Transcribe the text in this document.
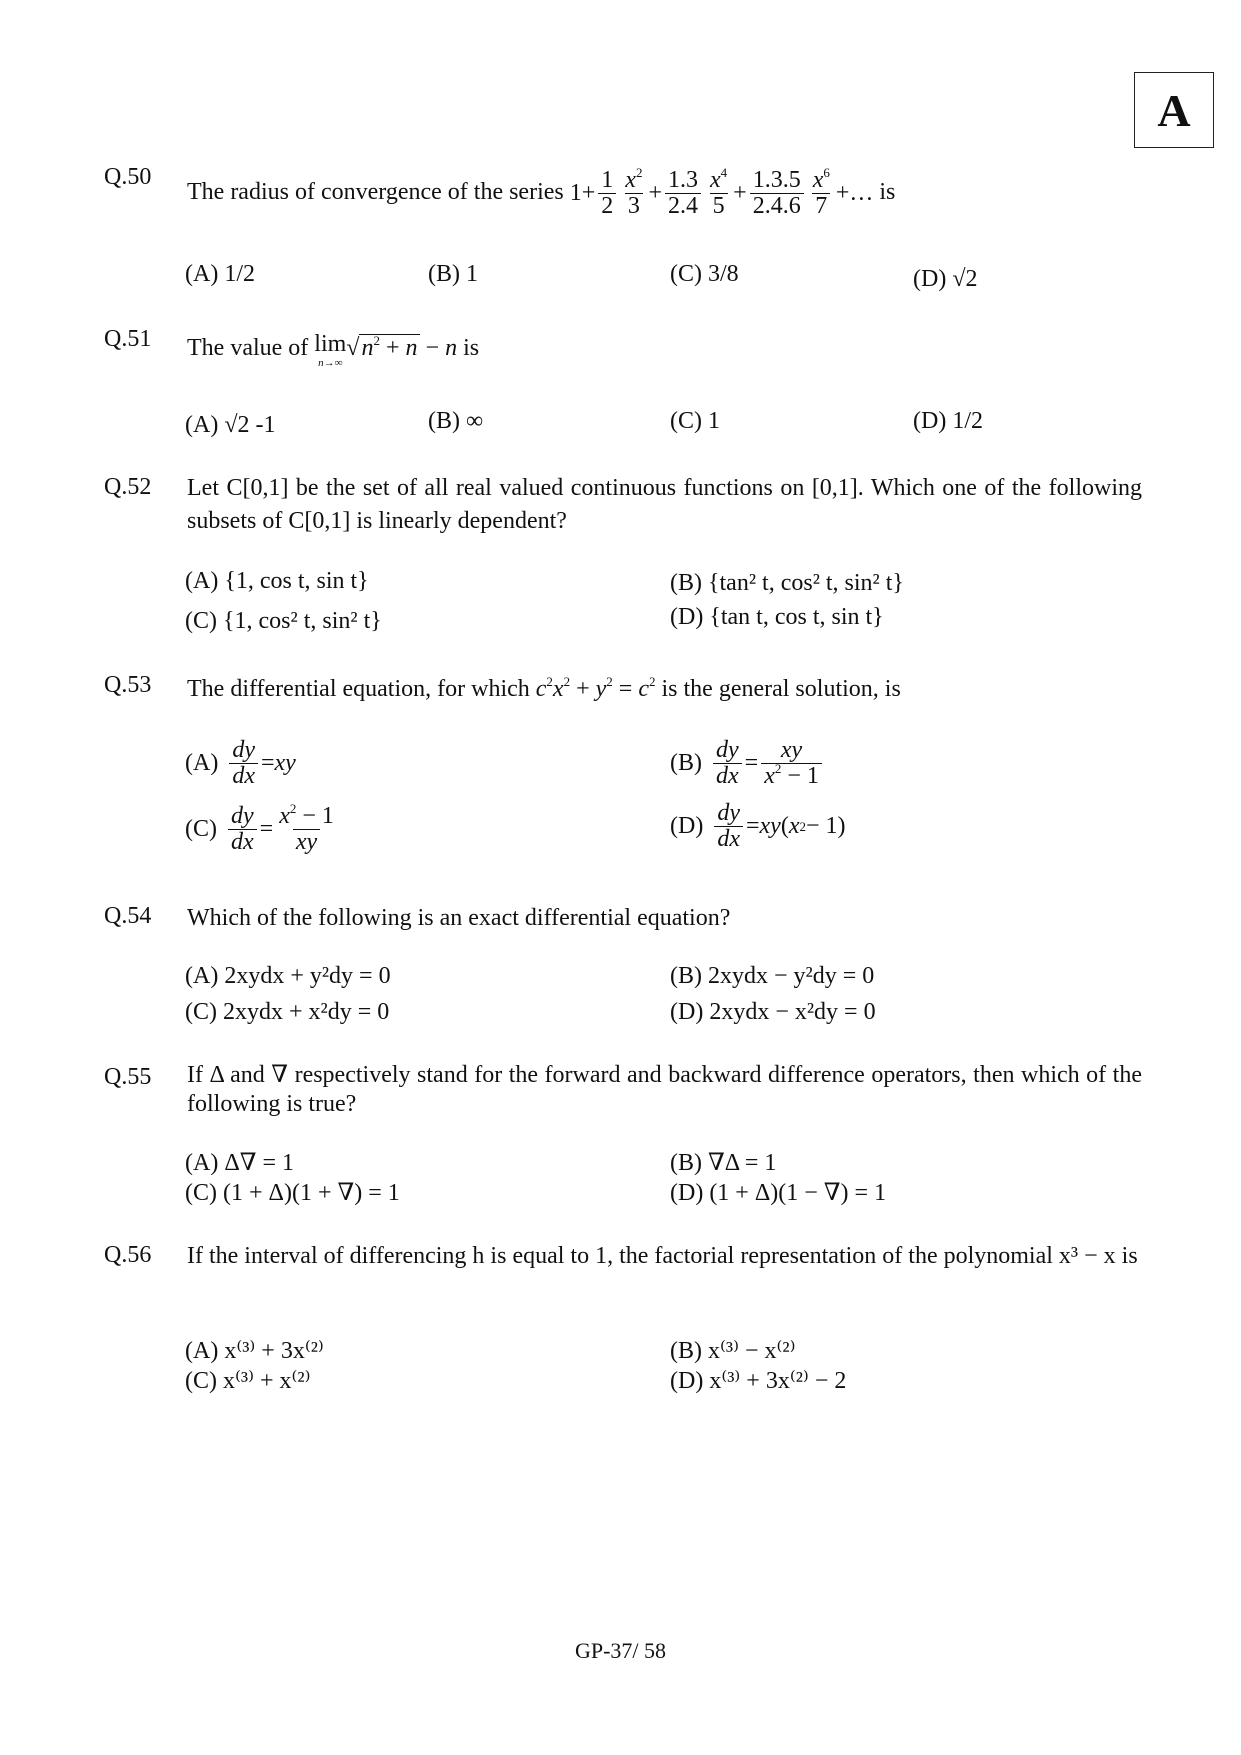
A
Q.50
The radius of convergence of the series $1+ \frac{1}{2} \frac{x^2}{3} + \frac{1.3}{2.4} \frac{x^4}{5} + \frac{1.3.5}{2.4.6} \frac{x^6}{7}$ +… is
(A) 1/2	(B) 1	(C) 3/8	(D) √2
Q.51 The value of lim
n→∞
$√n^2 + n - n$ is
(A) √2 -1	(B) ∞	(C) 1	(D) 1/2
Q.52 Let C[0,1] be the set of all real valued continuous functions on [0,1]. Which one of the following subsets of C[0,1] is linearly dependent?
(A) {1, cos t, sin t}	(B) {tan² t, cos² t, sin² t}
(C) {1, cos² t, sin² t}	(D) {tan t, cos t, sin t}
Q.53 The differential equation, for which $c^2x^2 + y^2 = c^2$ is the general solution, is
$(A) \frac{dy}{dx}$ = xy	$(B) \frac{dy}{dx} = \frac{xy}{x^2 - 1}$
$(C) \frac{dy}{dx} = \frac{x^2 - 1}{xy}$	$(D) \frac{dy}{dx}$ = xy ( x 2 − 1)
Q.54 Which of the following is an exact differential equation?
(A) 2xydx + y²dy = 0	(B) 2xydx − y²dy = 0
(C) 2xydx + x²dy = 0	(D) 2xydx − x²dy = 0
Q.55 If Δ and ∇ respectively stand for the forward and backward difference operators, then which of the following is true?
(A) Δ∇ = 1	(B) ∇Δ = 1
(C) (1 + Δ)(1 + ∇) = 1	(D) (1 + Δ)(1 − ∇) = 1
Q.56 If the interval of differencing h is equal to 1, the factorial representation of the polynomial x³ − x is
(A) x⁽³⁾ + 3x⁽²⁾	(B) x⁽³⁾ − x⁽²⁾
(C) x⁽³⁾ + x⁽²⁾	(D) x⁽³⁾ + 3x⁽²⁾ − 2
GP-37/ 58
